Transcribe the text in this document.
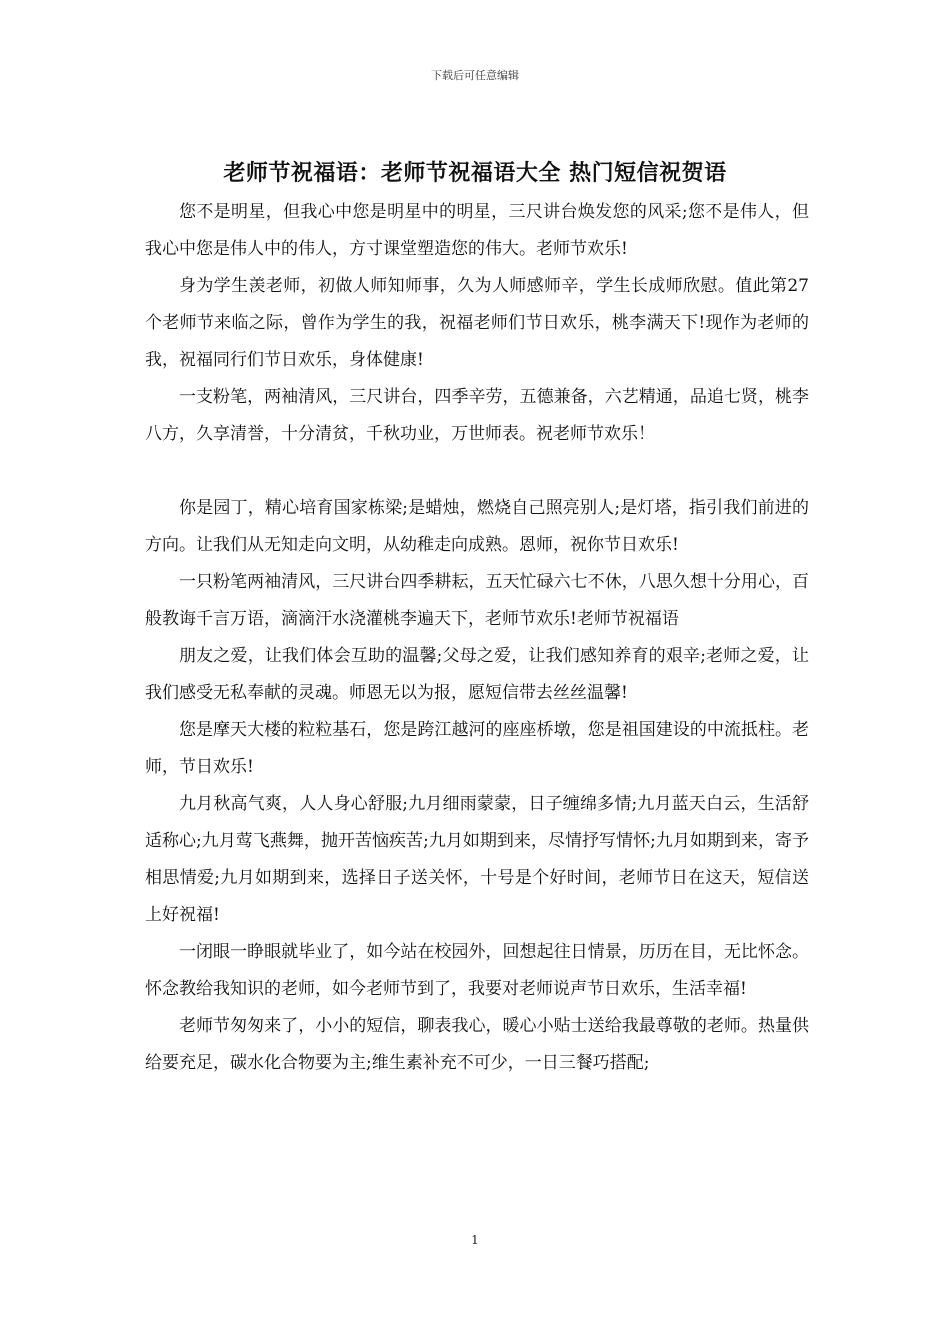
下载后可任意编辑
老师节祝福语：老师节祝福语大全 热门短信祝贺语

您不是明星，但我心中您是明星中的明星，三尺讲台焕发您的风采;您不是伟人，但我心中您是伟人中的伟人，方寸课堂塑造您的伟大。老师节欢乐!

身为学生羡老师，初做人师知师事，久为人师感师辛，学生长成师欣慰。值此第27个老师节来临之际，曾作为学生的我，祝福老师们节日欢乐，桃李满天下!现作为老师的我，祝福同行们节日欢乐，身体健康!

一支粉笔，两袖清风，三尺讲台，四季辛劳，五德兼备，六艺精通，品追七贤，桃李八方，久享清誉，十分清贫，千秋功业，万世师表。祝老师节欢乐！

你是园丁，精心培育国家栋梁;是蜡烛，燃烧自己照亮别人;是灯塔，指引我们前进的方向。让我们从无知走向文明，从幼稚走向成熟。恩师，祝你节日欢乐!

一只粉笔两袖清风，三尺讲台四季耕耘，五天忙碌六七不休，八思久想十分用心，百般教诲千言万语，滴滴汗水浇灌桃李遍天下，老师节欢乐!老师节祝福语

朋友之爱，让我们体会互助的温馨;父母之爱，让我们感知养育的艰辛;老师之爱，让我们感受无私奉献的灵魂。师恩无以为报，愿短信带去丝丝温馨!

您是摩天大楼的粒粒基石，您是跨江越河的座座桥墩，您是祖国建设的中流抵柱。老师，节日欢乐!

九月秋高气爽，人人身心舒服;九月细雨蒙蒙，日子缠绵多情;九月蓝天白云，生活舒适称心;九月莺飞燕舞，抛开苦恼疾苦;九月如期到来，尽情抒写情怀;九月如期到来，寄予相思情爱;九月如期到来，选择日子送关怀，十号是个好时间，老师节日在这天，短信送上好祝福!

一闭眼一睁眼就毕业了，如今站在校园外，回想起往日情景，历历在目，无比怀念。怀念教给我知识的老师，如今老师节到了，我要对老师说声节日欢乐，生活幸福!

老师节匆匆来了，小小的短信，聊表我心，暖心小贴士送给我最尊敬的老师。热量供给要充足，碳水化合物要为主;维生素补充不可少，一日三餐巧搭配;

1
